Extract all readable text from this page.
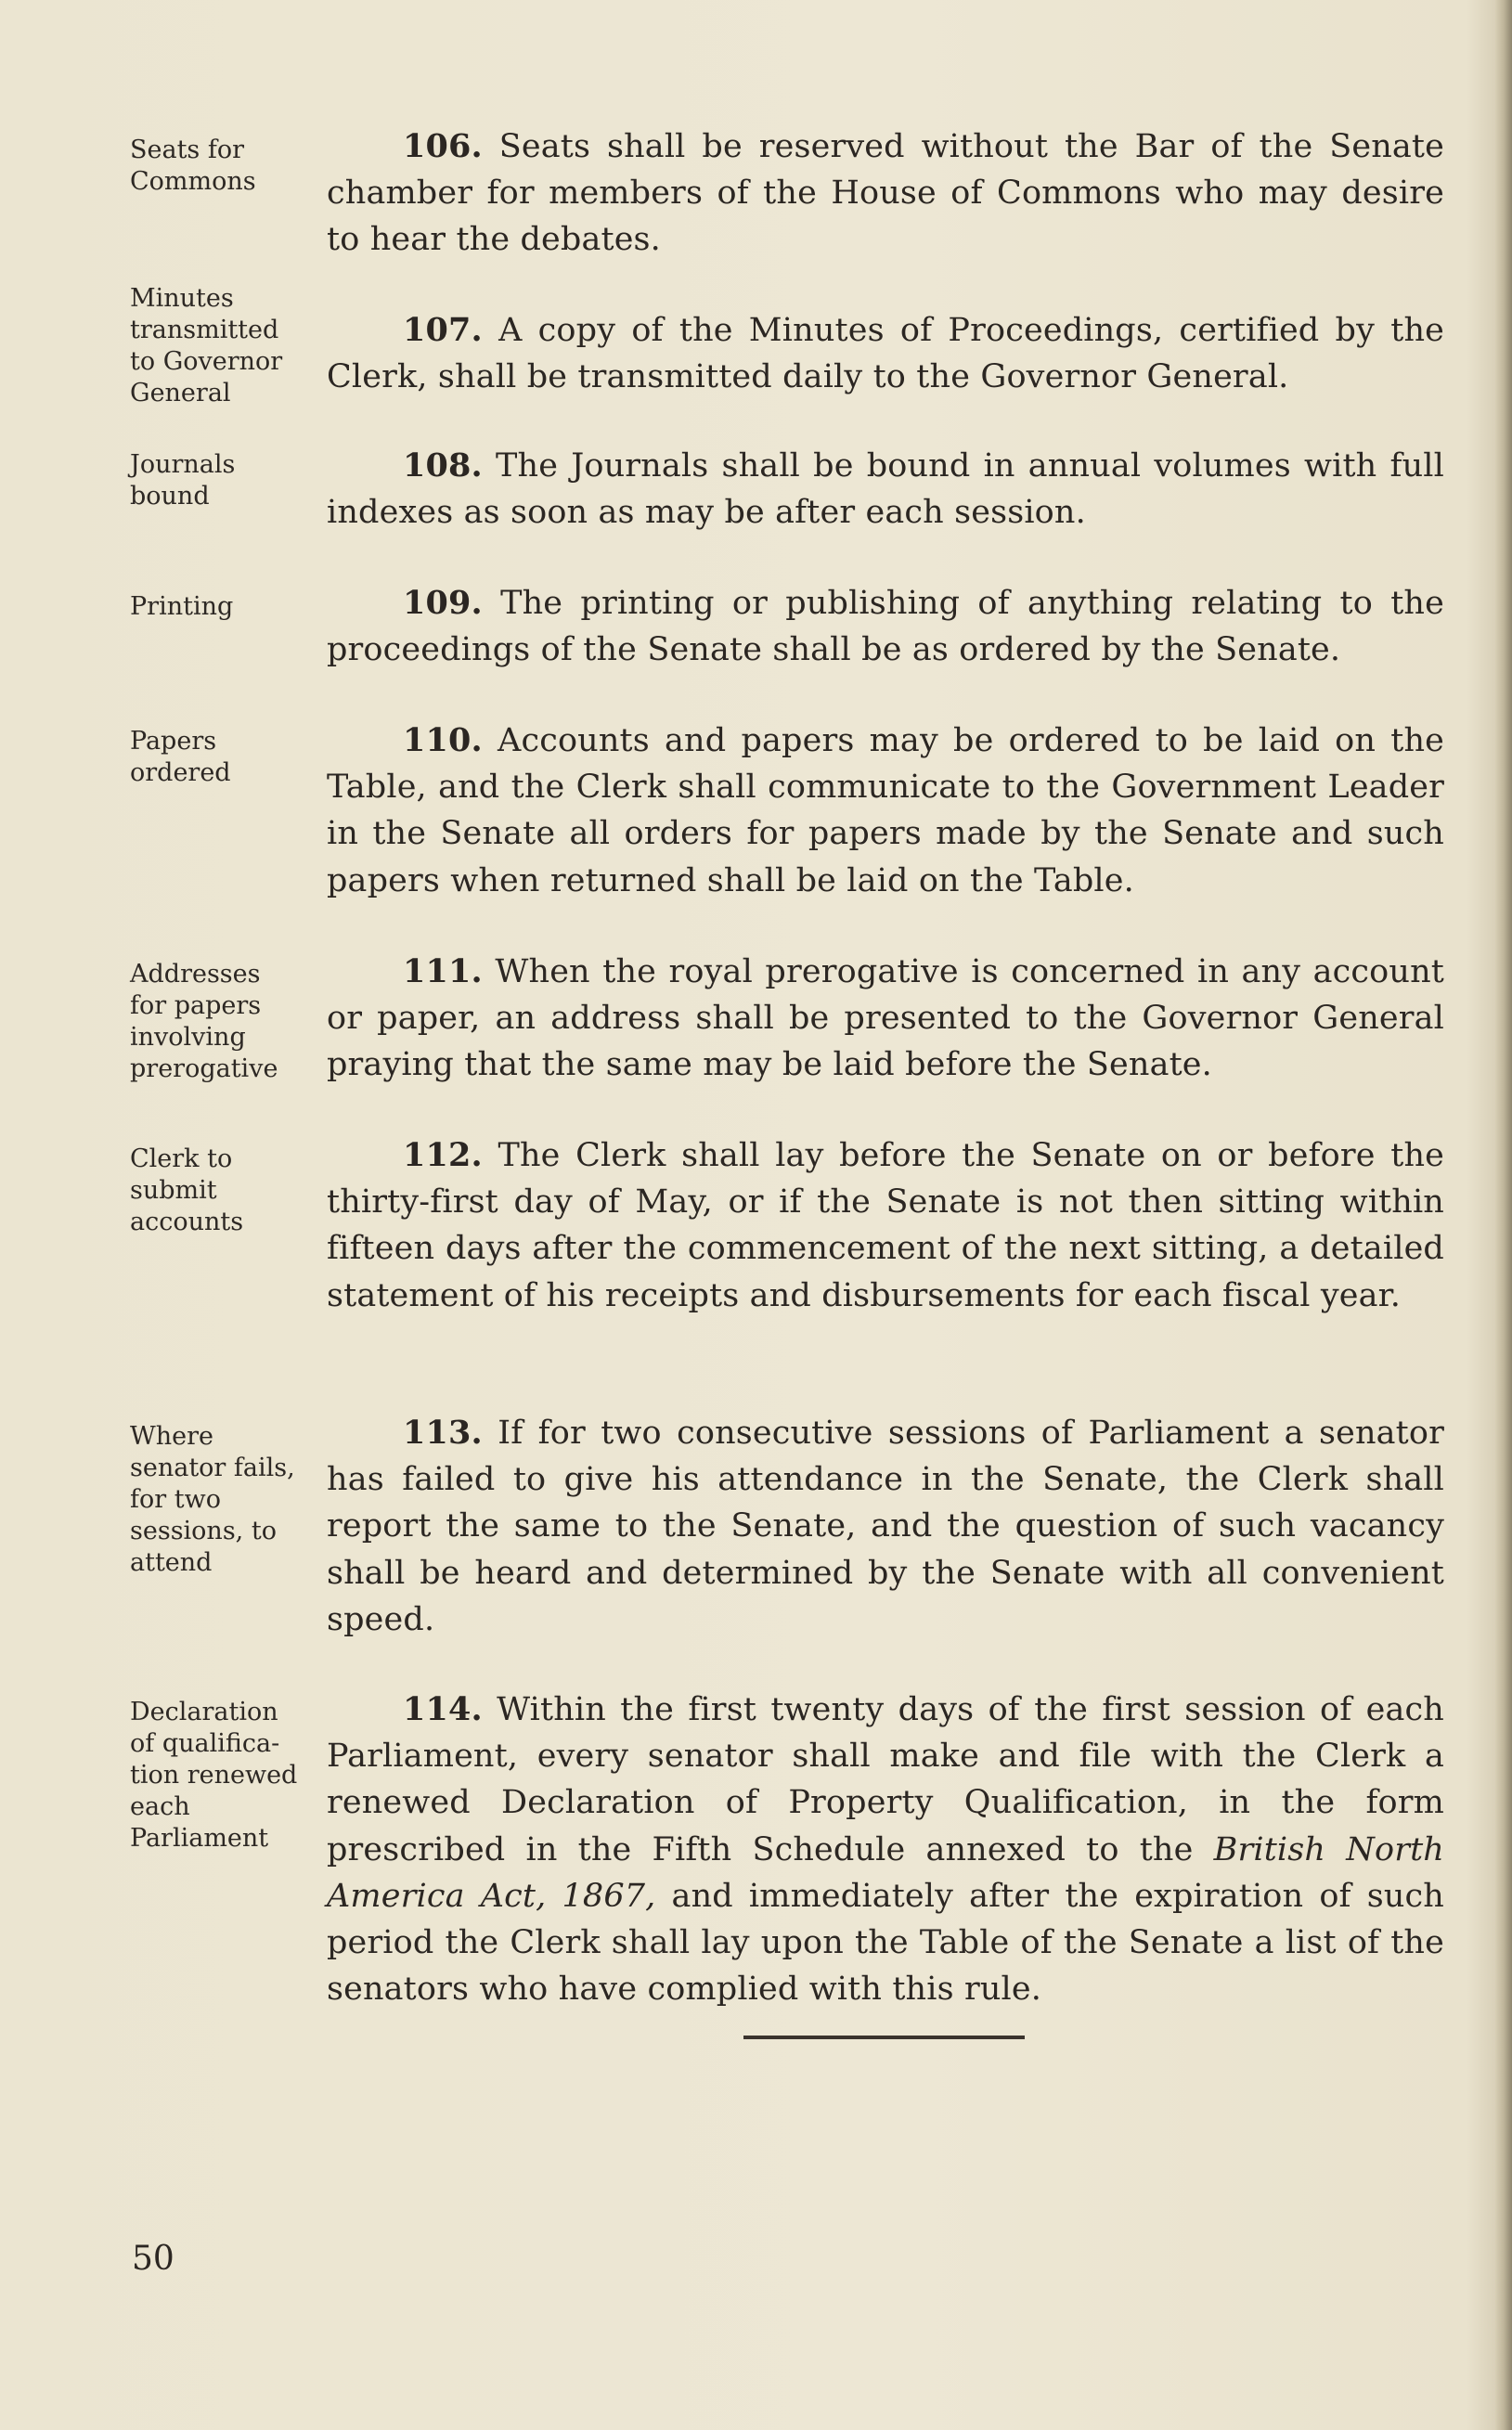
Seats for
Commons

106. Seats shall be reserved without the Bar of the Senate chamber for members of the House of Commons who may desire to hear the debates.

Minutes
transmitted
to Governor
General

107. A copy of the Minutes of Proceedings, certified by the Clerk, shall be transmitted daily to the Governor General.

Journals
bound

108. The Journals shall be bound in annual volumes with full indexes as soon as may be after each session.

Printing	109. The printing or publishing of anything relating to the proceedings of the Senate shall be as ordered by the Senate.

Papers
ordered

110. Accounts and papers may be ordered to be laid on the Table, and the Clerk shall communicate to the Government Leader in the Senate all orders for papers made by the Senate and such papers when returned shall be laid on the Table.

Addresses
for papers
involving
prerogative

111. When the royal prerogative is concerned in any account or paper, an address shall be presented to the Governor General praying that the same may be laid before the Senate.

Clerk to
submit
accounts

112. The Clerk shall lay before the Senate on or before the thirty-first day of May, or if the Senate is not then sitting within fifteen days after the commencement of the next sitting, a detailed statement of his receipts and disbursements for each fiscal year.

Where
senator fails,
for two
sessions, to
attend

113. If for two consecutive sessions of Parliament a senator has failed to give his attendance in the Senate, the Clerk shall report the same to the Senate, and the question of such vacancy shall be heard and determined by the Senate with all convenient speed.

Declaration
of qualifica-
tion renewed
each
Parliament

114. Within the first twenty days of the first session of each Parliament, every senator shall make and file with the Clerk a renewed Declaration of Property Qualification, in the form prescribed in the Fifth Schedule annexed to the British North America Act, 1867, and immediately after the expiration of such period the Clerk shall lay upon the Table of the Senate a list of the senators who have complied with this rule.

50
